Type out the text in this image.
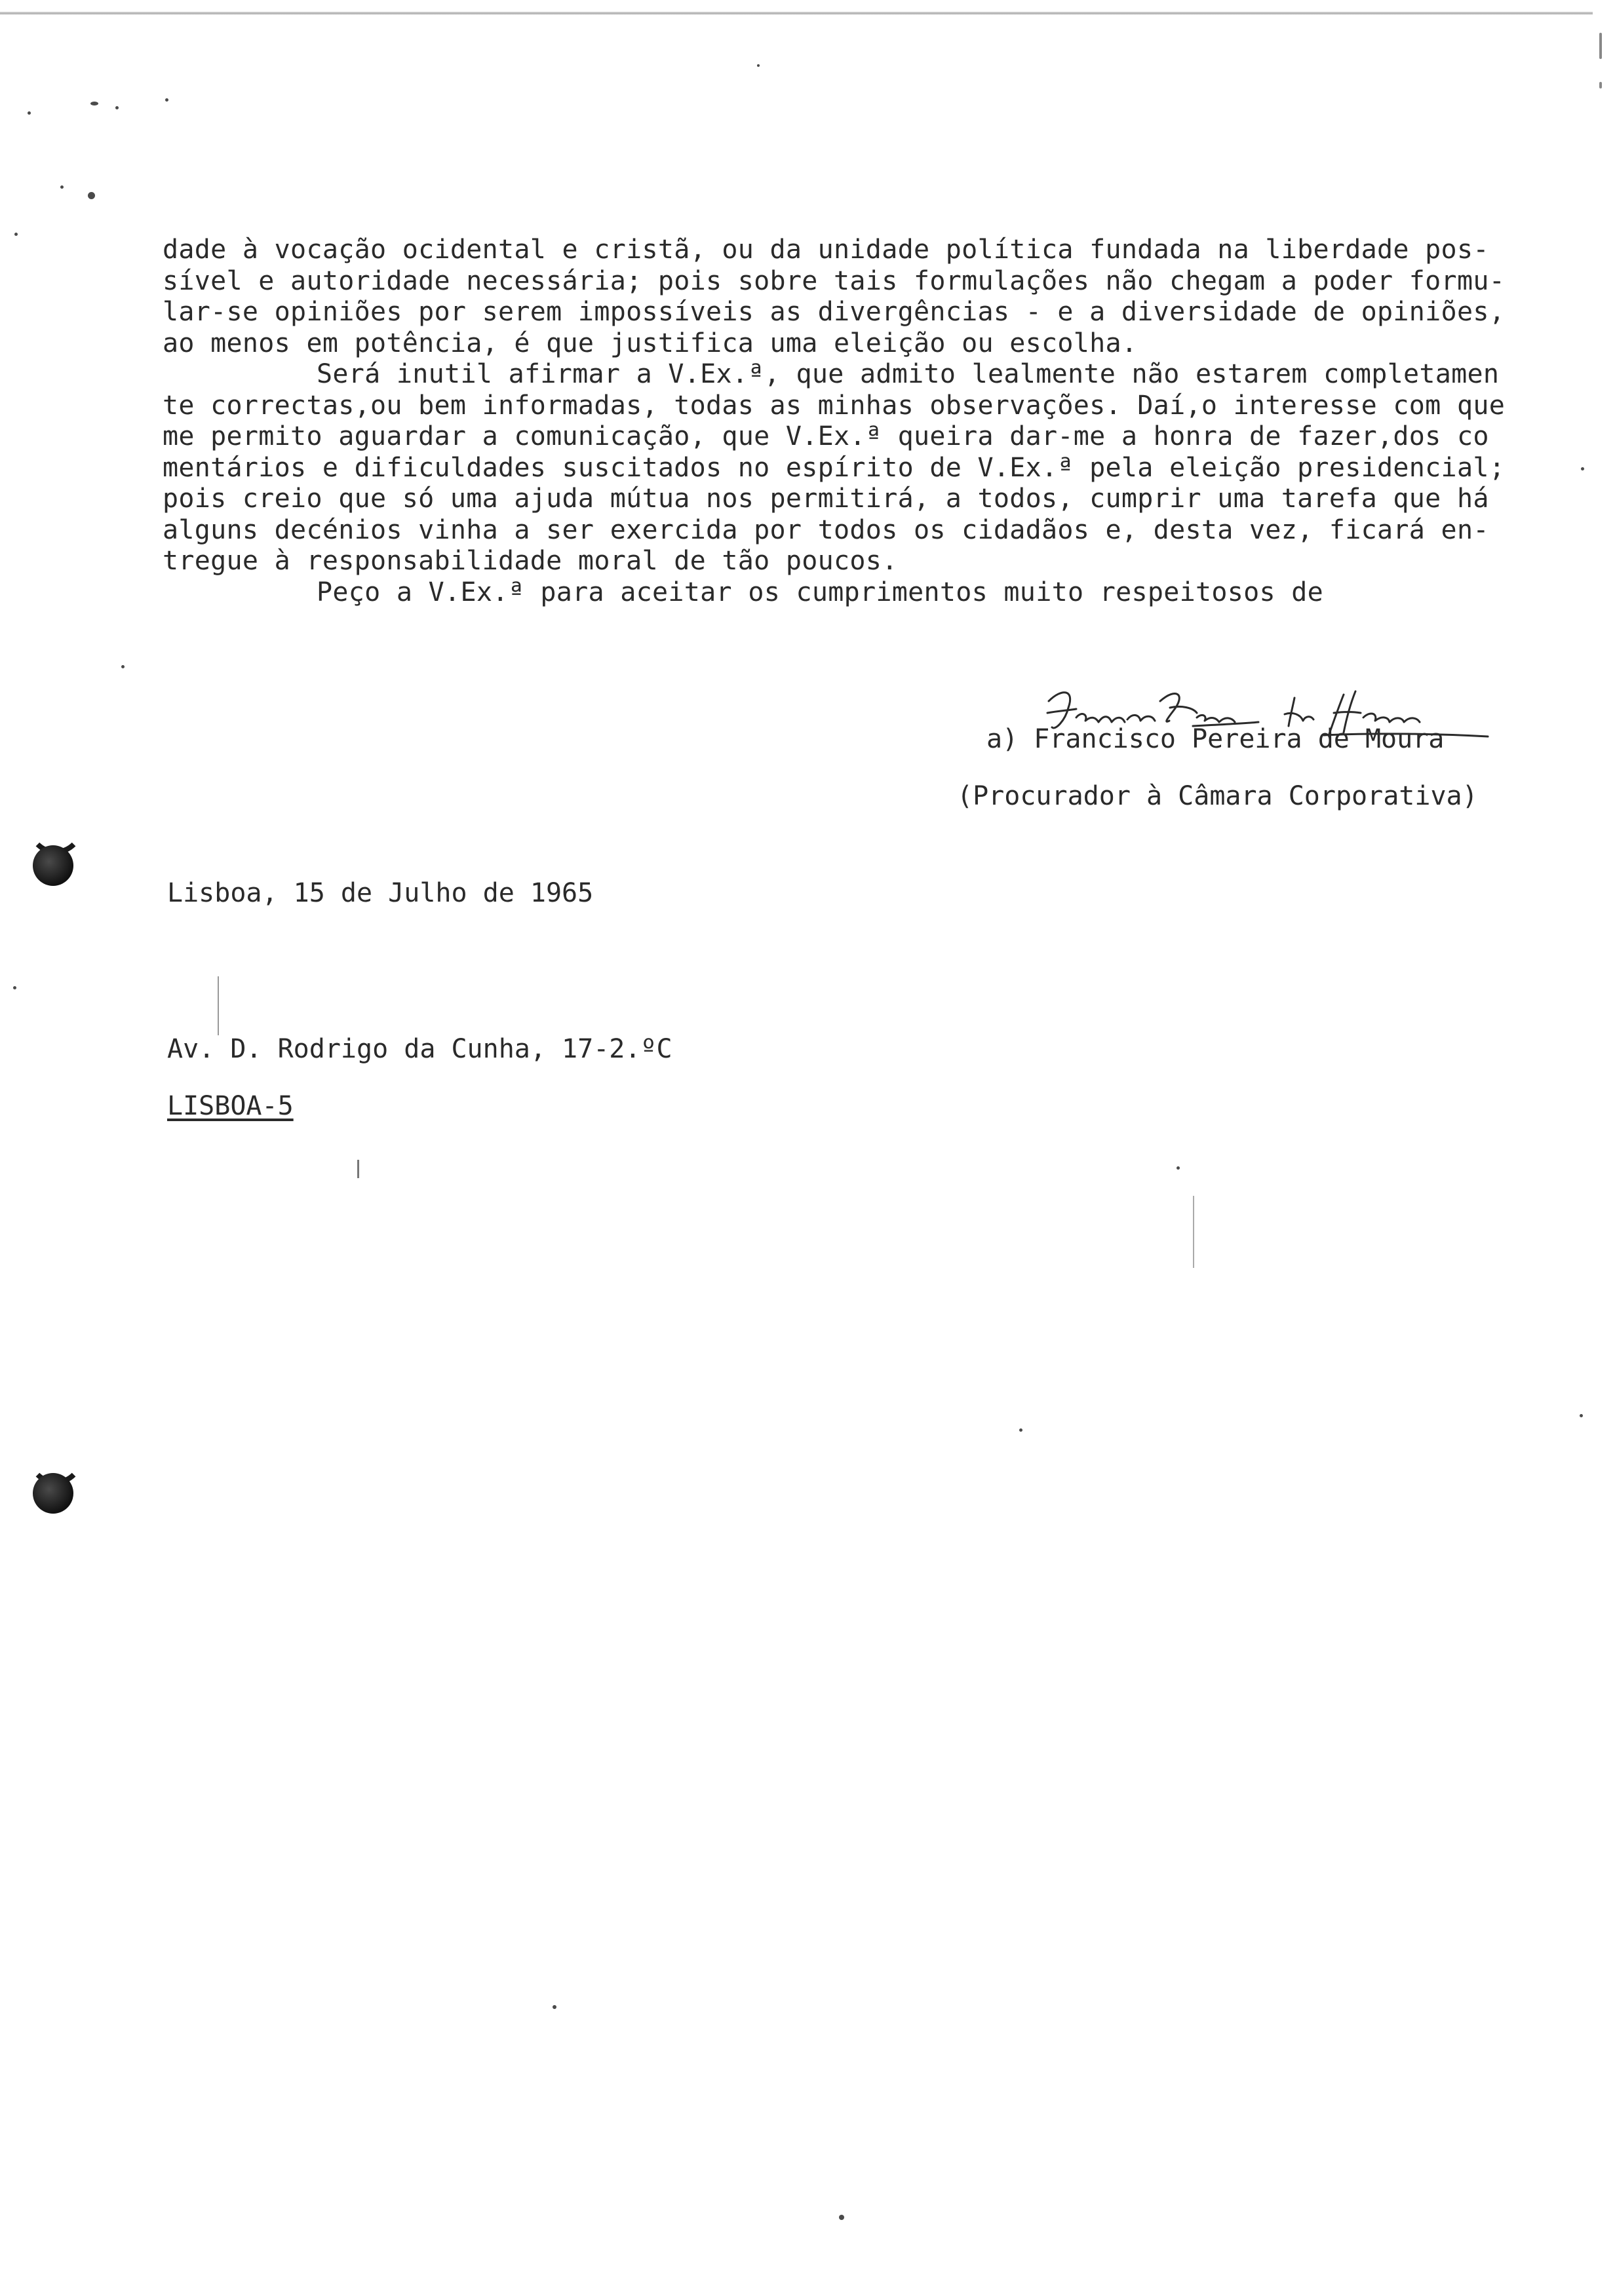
dade à vocação ocidental e cristã, ou da unidade política fundada na liberdade pos-
sível e autoridade necessária; pois sobre tais formulações não chegam a poder formu-
lar-se opiniões por serem impossíveis as divergências - e a diversidade de opiniões,
ao menos em potência, é que justifica uma eleição ou escolha.
Será inutil afirmar a V.Ex.ª, que admito lealmente não estarem completamen
te correctas,ou bem informadas, todas as minhas observações. Daí,o interesse com que
me permito aguardar a comunicação, que V.Ex.ª queira dar-me a honra de fazer,dos co
mentários e dificuldades suscitados no espírito de V.Ex.ª pela eleição presidencial;
pois creio que só uma ajuda mútua nos permitirá, a todos, cumprir uma tarefa que há
alguns decénios vinha a ser exercida por todos os cidadãos e, desta vez, ficará en-
tregue à responsabilidade moral de tão poucos.
Peço a V.Ex.ª para aceitar os cumprimentos muito respeitosos de
a) Francisco Pereira de Moura
(Procurador à Câmara Corporativa)
Lisboa, 15 de Julho de 1965
Av. D. Rodrigo da Cunha, 17-2.ºC
LISBOA-5
